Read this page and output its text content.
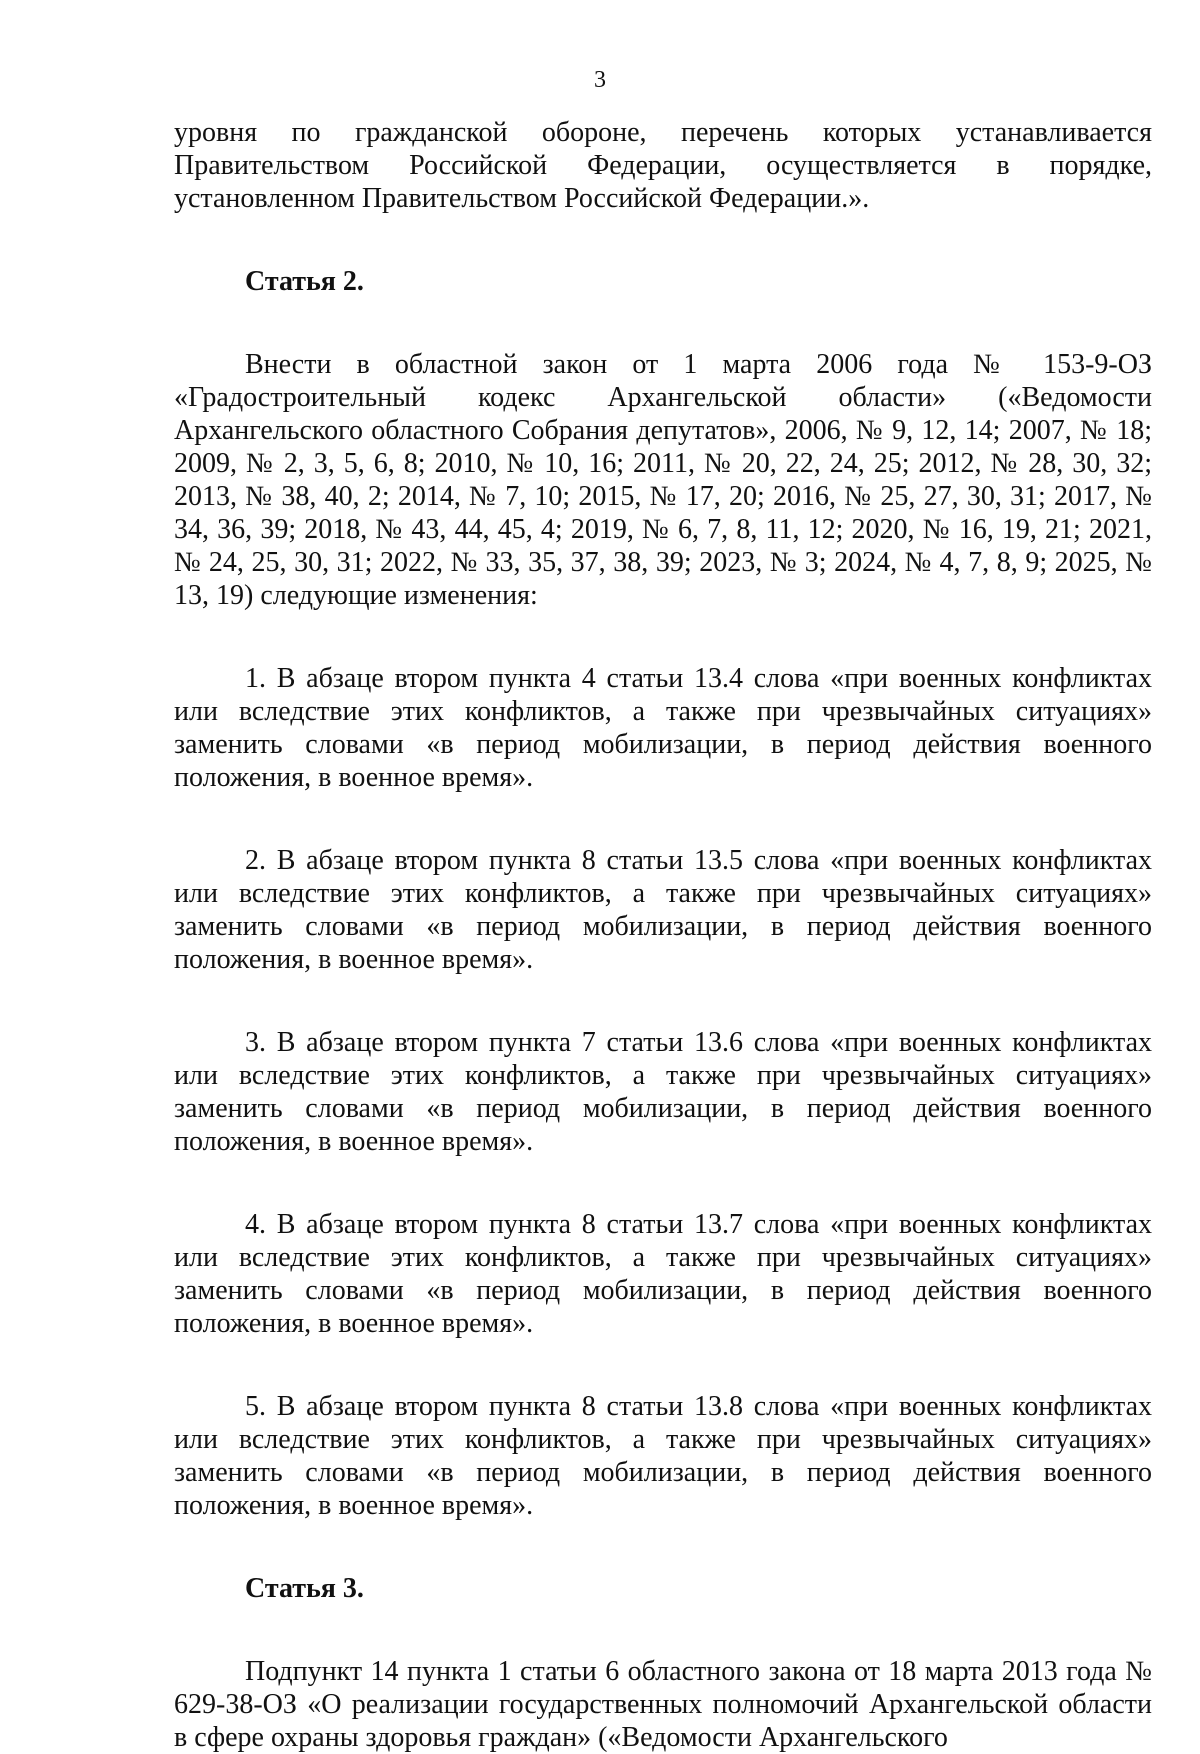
3

уровня по гражданской обороне, перечень которых устанавливается Правительством Российской Федерации, осуществляется в порядке, установленном Правительством Российской Федерации.».

Статья 2.

Внести в областной закон от 1 марта 2006 года № 153-9-ОЗ «Градостроительный кодекс Архангельской области» («Ведомости Архангельского областного Собрания депутатов», 2006, № 9, 12, 14; 2007, № 18; 2009, № 2, 3, 5, 6, 8; 2010, № 10, 16; 2011, № 20, 22, 24, 25; 2012, № 28, 30, 32; 2013, № 38, 40, 2; 2014, № 7, 10; 2015, № 17, 20; 2016, № 25, 27, 30, 31; 2017, № 34, 36, 39; 2018, № 43, 44, 45, 4; 2019, № 6, 7, 8, 11, 12; 2020, № 16, 19, 21; 2021, № 24, 25, 30, 31; 2022, № 33, 35, 37, 38, 39; 2023, № 3; 2024, № 4, 7, 8, 9; 2025, № 13, 19) следующие изменения:

1. В абзаце втором пункта 4 статьи 13.4 слова «при военных конфликтах или вследствие этих конфликтов, а также при чрезвычайных ситуациях» заменить словами «в период мобилизации, в период действия военного положения, в военное время».

2. В абзаце втором пункта 8 статьи 13.5 слова «при военных конфликтах или вследствие этих конфликтов, а также при чрезвычайных ситуациях» заменить словами «в период мобилизации, в период действия военного положения, в военное время».

3. В абзаце втором пункта 7 статьи 13.6 слова «при военных конфликтах или вследствие этих конфликтов, а также при чрезвычайных ситуациях» заменить словами «в период мобилизации, в период действия военного положения, в военное время».

4. В абзаце втором пункта 8 статьи 13.7 слова «при военных конфликтах или вследствие этих конфликтов, а также при чрезвычайных ситуациях» заменить словами «в период мобилизации, в период действия военного положения, в военное время».

5. В абзаце втором пункта 8 статьи 13.8 слова «при военных конфликтах или вследствие этих конфликтов, а также при чрезвычайных ситуациях» заменить словами «в период мобилизации, в период действия военного положения, в военное время».

Статья 3.

Подпункт 14 пункта 1 статьи 6 областного закона от 18 марта 2013 года № 629-38-ОЗ «О реализации государственных полномочий Архангельской области в сфере охраны здоровья граждан» («Ведомости Архангельского
